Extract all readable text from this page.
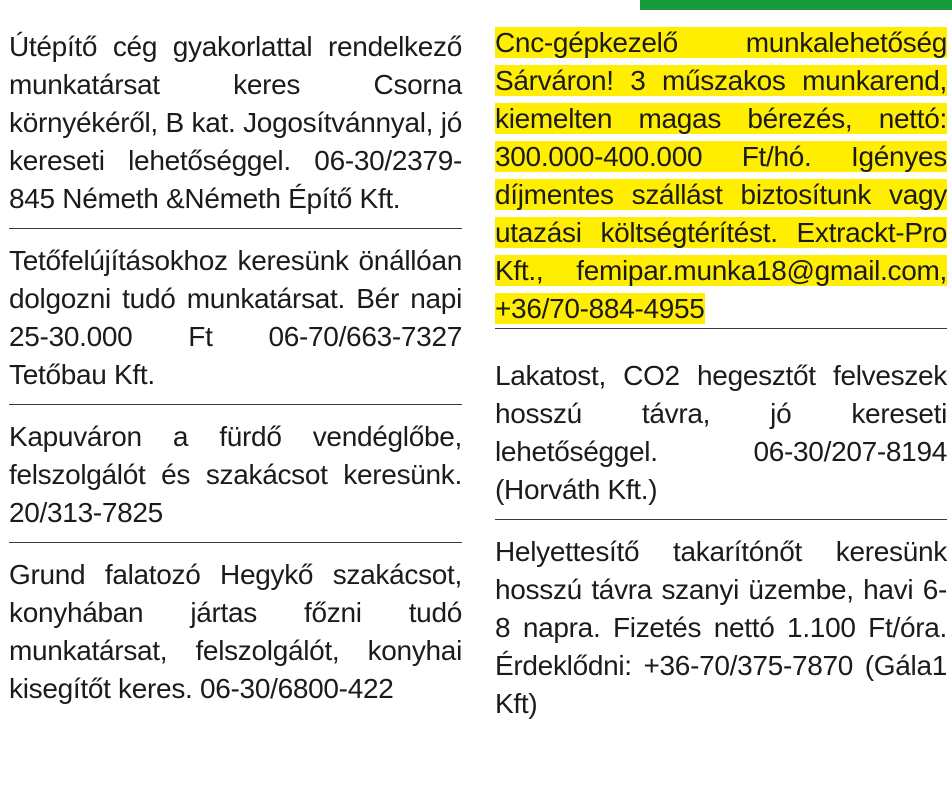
Útépítő cég gyakorlattal rendelkező munkatársat keres Csorna környékéről, B kat. Jogosítvánnyal, jó kereseti lehetőséggel. 06-30/2379-845 Németh &Németh Építő Kft.
Tetőfelújításokhoz keresünk önállóan dolgozni tudó munkatársat. Bér napi 25-30.000 Ft 06-70/663-7327 Tetőbau Kft.
Kapuváron a fürdő vendéglőbe, felszolgálót és szakácsot keresünk. 20/313-7825
Grund falatozó Hegykő szakácsot, konyhában jártas főzni tudó munkatársat, felszolgálót, konyhai kisegítőt keres. 06-30/6800-422
Cnc-gépkezelő munkalehetőség Sárváron! 3 műszakos munkarend, kiemelten magas bérezés, nettó: 300.000-400.000 Ft/hó. Igényes díjmentes szállást biztosítunk vagy utazási költségtérítést. Extrackt-Pro Kft., femipar.munka18@gmail.com, +36/70-884-4955
Lakatost, CO2 hegesztőt felveszek hosszú távra, jó kereseti lehetőséggel. 06-30/207-8194 (Horváth Kft.)
Helyettesítő takarítónőt keresünk hosszú távra szanyi üzembe, havi 6-8 napra. Fizetés nettó 1.100 Ft/óra. Érdeklődni: +36-70/375-7870 (Gála1 Kft)
